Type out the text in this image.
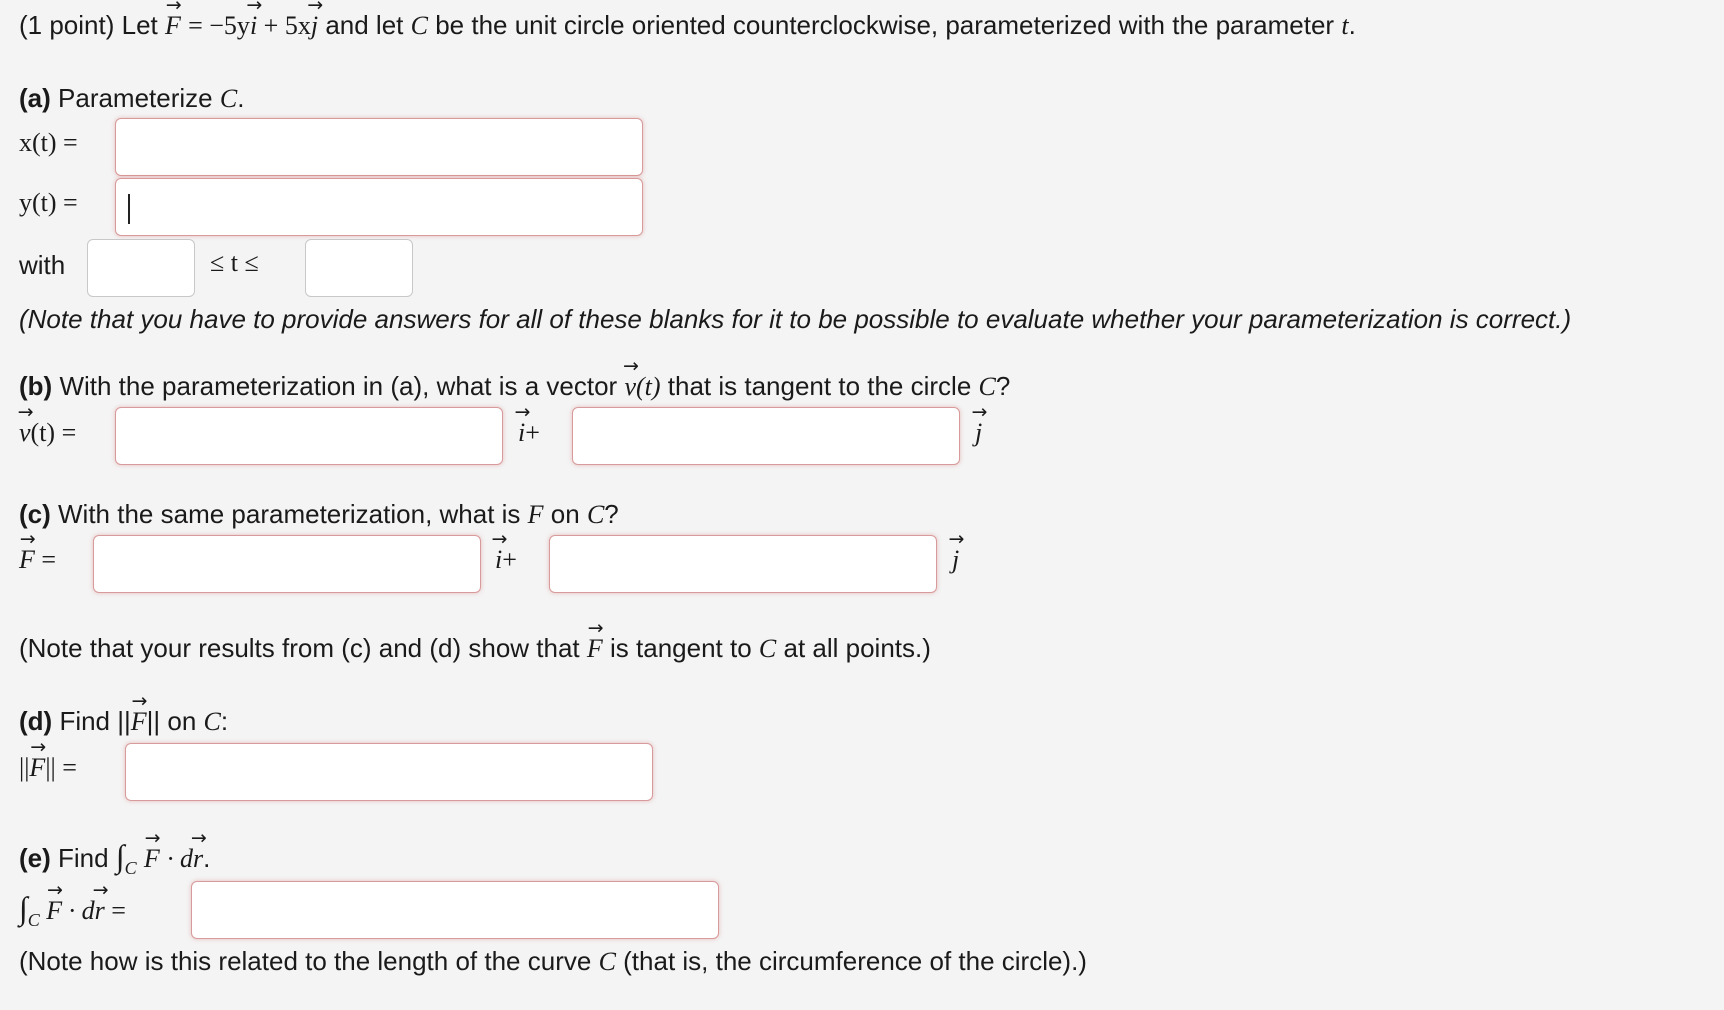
(1 point) Let → F = −5y→ i + 5x→ j and let C be the unit circle oriented counterclockwise, parameterized with the parameter t.
(a) Parameterize C.
x(t) =
y(t) =
with	≤ t ≤
(Note that you have to provide answers for all of these blanks for it to be possible to evaluate whether your parameterization is correct.)
(b) With the parameterization in (a), what is a vector → v(t) that is tangent to the circle C?
→ v(t) =	→ i+	→ j
(c) With the same parameterization, what is F on C?
→ F =	→ i+	→ j
(Note that your results from (c) and (d) show that → F is tangent to C at all points.)
(d) Find ||→ F|| on C:
||→ F|| =
(e) Find $\int_C \to F \cdot d\to r$.
$\int_C \to F \cdot d\to r$ =
(Note how is this related to the length of the curve C (that is, the circumference of the circle).)
